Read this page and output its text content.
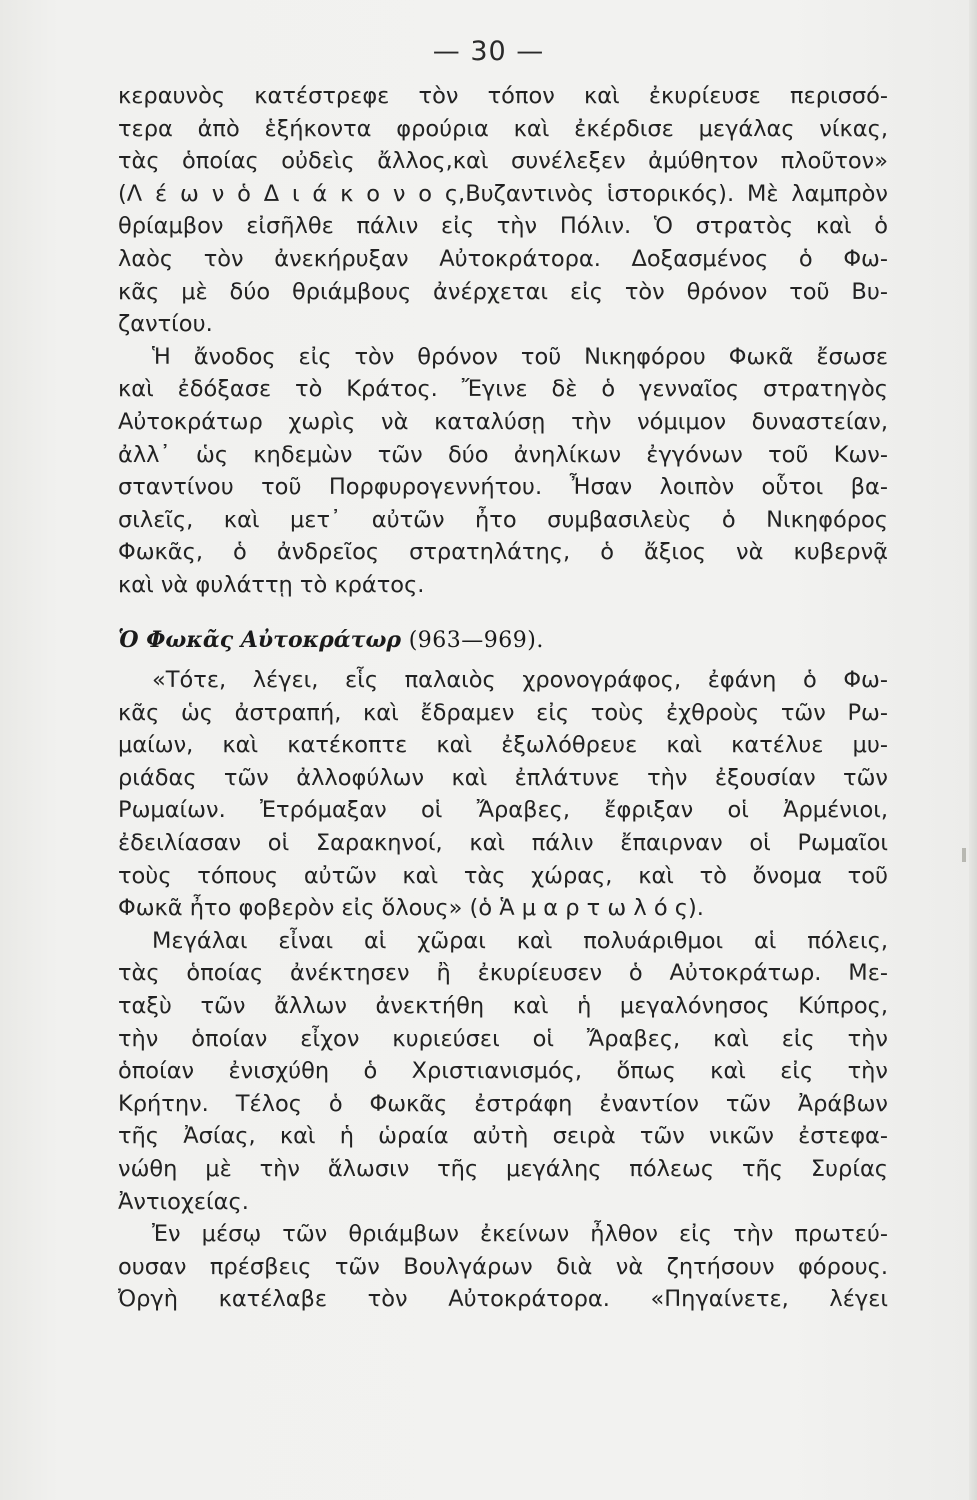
— 30 —
κεραυνὸς κατέστρεφε τὸν τόπον καὶ ἐκυρίευσε περισσό-
τερα ἀπὸ ἑξήκοντα φρούρια καὶ ἐκέρδισε μεγάλας νίκας,
τὰς ὁποίας οὐδεὶς ἄλλος,καὶ συνέλεξεν ἀμύθητον πλοῦτον»
(Λ έ ω ν ὁ Δ ι ά κ ο ν ο ς,Βυζαντινὸς ἱστορικός). Μὲ λαμπρὸν
θρίαμβον εἰσῆλθε πάλιν εἰς τὴν Πόλιν. Ὁ στρατὸς καὶ ὁ
λαὸς τὸν ἀνεκήρυξαν Αὐτοκράτορα. Δοξασμένος ὁ Φω-
κᾶς μὲ δύο θριάμβους ἀνέρχεται εἰς τὸν θρόνον τοῦ Βυ-
ζαντίου.
Ἡ ἄνοδος εἰς τὸν θρόνον τοῦ Νικηφόρου Φωκᾶ ἔσωσε
καὶ ἐδόξασε τὸ Κράτος. Ἔγινε δὲ ὁ γενναῖος στρατηγὸς
Αὐτοκράτωρ χωρὶς νὰ καταλύσῃ τὴν νόμιμον δυναστείαν,
ἀλλ᾽ ὡς κηδεμὼν τῶν δύο ἀνηλίκων ἐγγόνων τοῦ Κων-
σταντίνου τοῦ Πορφυρογεννήτου. Ἦσαν λοιπὸν οὗτοι βα-
σιλεῖς, καὶ μετ᾽ αὐτῶν ἦτο συμβασιλεὺς ὁ Νικηφόρος
Φωκᾶς, ὁ ἀνδρεῖος στρατηλάτης, ὁ ἄξιος νὰ κυβερνᾷ
καὶ νὰ φυλάττῃ τὸ κράτος.
Ὁ Φωκᾶς Αὐτοκράτωρ (963—969).
«Τότε, λέγει, εἷς παλαιὸς χρονογράφος, ἐφάνη ὁ Φω-
κᾶς ὡς ἀστραπή, καὶ ἔδραμεν εἰς τοὺς ἐχθροὺς τῶν Ρω-
μαίων, καὶ κατέκοπτε καὶ ἐξωλόθρευε καὶ κατέλυε μυ-
ριάδας τῶν ἀλλοφύλων καὶ ἐπλάτυνε τὴν ἐξουσίαν τῶν
Ρωμαίων. Ἐτρόμαξαν οἱ Ἄραβες, ἔφριξαν οἱ Ἀρμένιοι,
ἐδειλίασαν οἱ Σαρακηνοί, καὶ πάλιν ἔπαιρναν οἱ Ρωμαῖοι
τοὺς τόπους αὐτῶν καὶ τὰς χώρας, καὶ τὸ ὄνομα τοῦ
Φωκᾶ ἦτο φοβερὸν εἰς ὅλους» (ὁ Ἁ μ α ρ τ ω λ ό ς).
Μεγάλαι εἶναι αἱ χῶραι καὶ πολυάριθμοι αἱ πόλεις,
τὰς ὁποίας ἀνέκτησεν ἢ ἐκυρίευσεν ὁ Αὐτοκράτωρ. Με-
ταξὺ τῶν ἄλλων ἀνεκτήθη καὶ ἡ μεγαλόνησος Κύπρος,
τὴν ὁποίαν εἶχον κυριεύσει οἱ Ἄραβες, καὶ εἰς τὴν
ὁποίαν ἐνισχύθη ὁ Χριστιανισμός, ὅπως καὶ εἰς τὴν
Κρήτην. Τέλος ὁ Φωκᾶς ἐστράφη ἐναντίον τῶν Ἀράβων
τῆς Ἀσίας, καὶ ἡ ὡραία αὐτὴ σειρὰ τῶν νικῶν ἐστεφα-
νώθη μὲ τὴν ἅλωσιν τῆς μεγάλης πόλεως τῆς Συρίας
Ἀντιοχείας.
Ἐν μέσῳ τῶν θριάμβων ἐκείνων ἦλθον εἰς τὴν πρωτεύ-
ουσαν πρέσβεις τῶν Βουλγάρων διὰ νὰ ζητήσουν φόρους.
Ὀργὴ κατέλαβε τὸν Αὐτοκράτορα. «Πηγαίνετε, λέγει
